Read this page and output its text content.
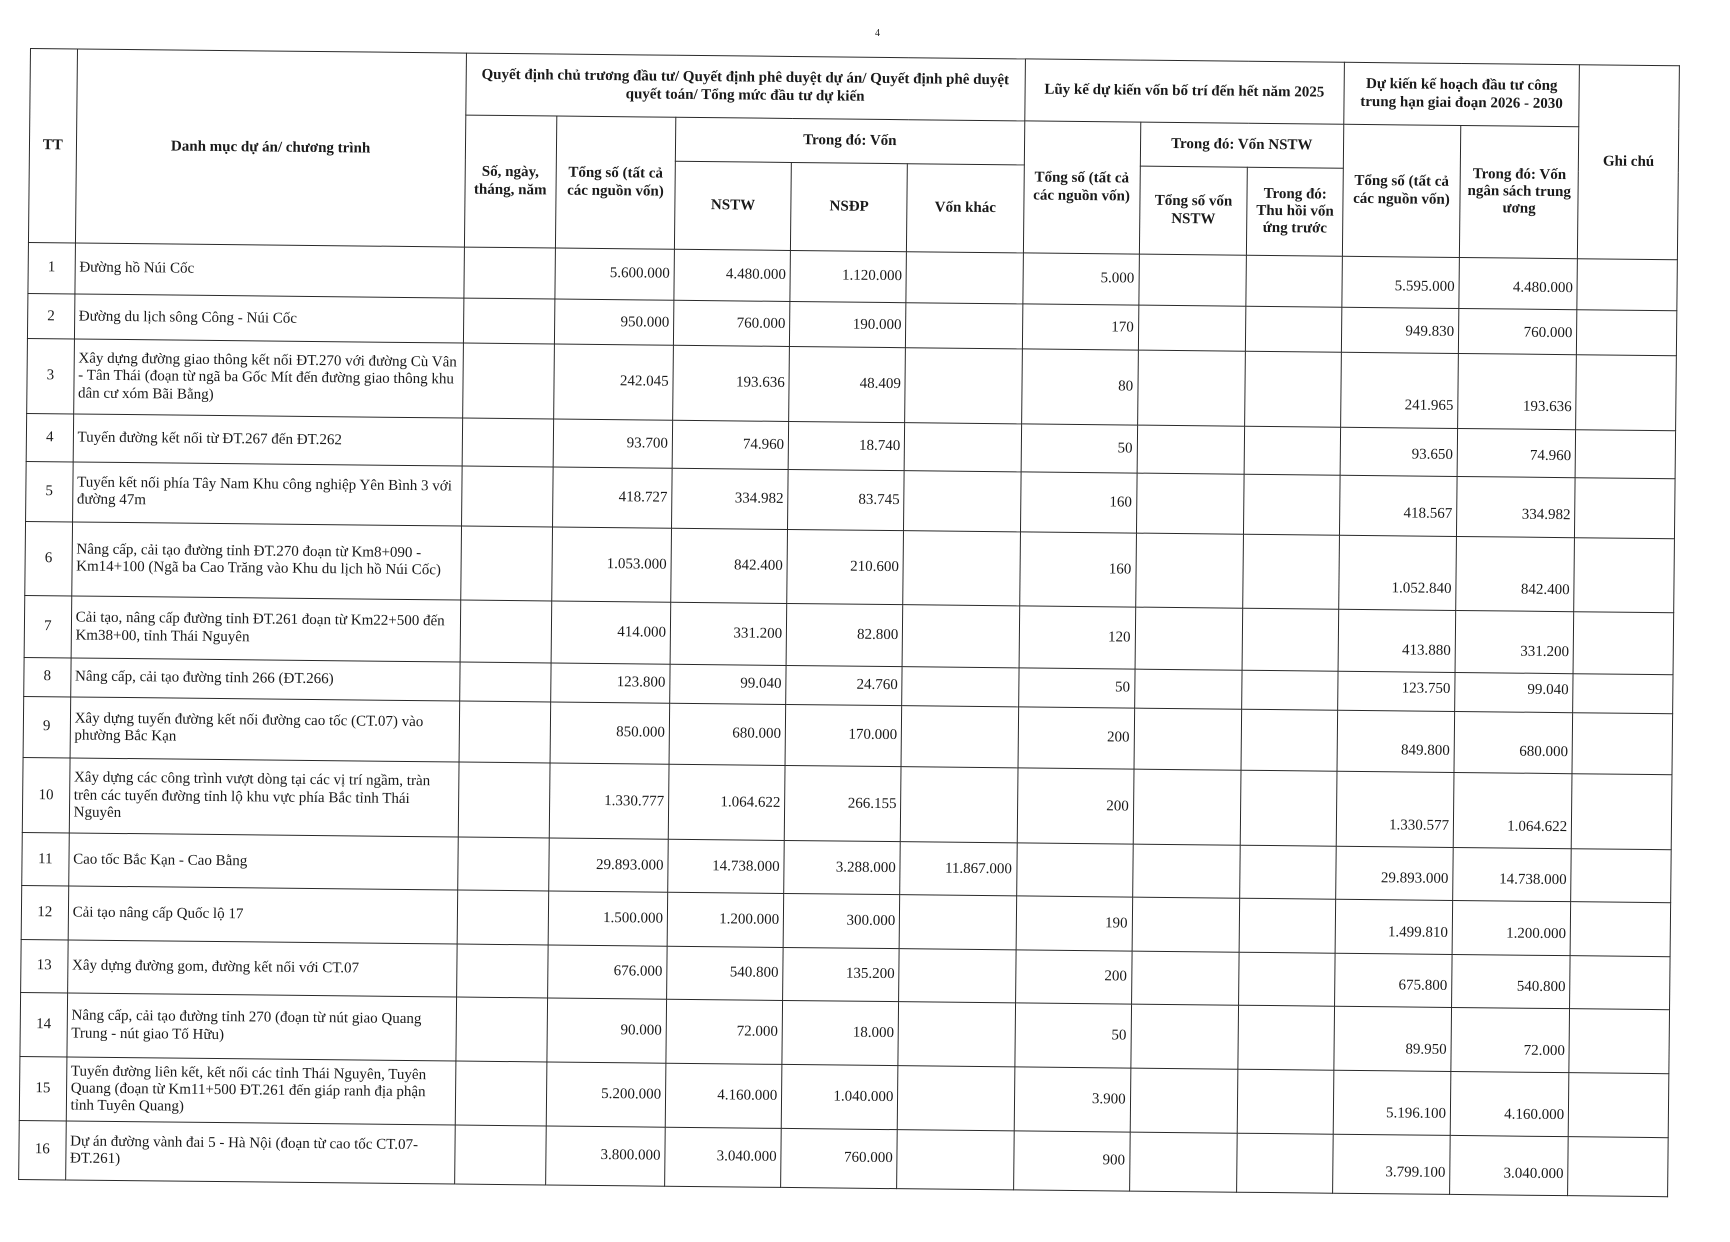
4
TT	Danh mục dự án/ chương trình	Quyết định chủ trương đầu tư/ Quyết định phê duyệt dự án/ Quyết định phê duyệt quyết toán/ Tổng mức đầu tư dự kiến					Lũy kế dự kiến vốn bố trí đến hết năm 2025			Dự kiến kế hoạch đầu tư công trung hạn giai đoạn 2026 - 2030		Ghi chú
		Số, ngày, tháng, năm	Tổng số (tất cả các nguồn vốn)	Trong đó: Vốn			Tổng số (tất cả các nguồn vốn)	Trong đó: Vốn NSTW		Tổng số (tất cả các nguồn vốn)	Trong đó: Vốn ngân sách trung ương	
				NSTW	NSĐP	Vốn khác		Tổng số vốn NSTW	Trong đó: Thu hồi vốn ứng trước			
1	Đường hồ Núi Cốc		5.600.000	4.480.000	1.120.000		5.000			5.595.000	4.480.000	
2	Đường du lịch sông Công - Núi Cốc		950.000	760.000	190.000		170			949.830	760.000	
3	Xây dựng đường giao thông kết nối ĐT.270 với đường Cù Vân - Tân Thái (đoạn từ ngã ba Gốc Mít đến đường giao thông khu dân cư xóm Bãi Bằng)		242.045	193.636	48.409		80			241.965	193.636	
4	Tuyến đường kết nối từ ĐT.267 đến ĐT.262		93.700	74.960	18.740		50			93.650	74.960	
5	Tuyến kết nối phía Tây Nam Khu công nghiệp Yên Bình 3 với đường 47m		418.727	334.982	83.745		160			418.567	334.982	
6	Nâng cấp, cải tạo đường tỉnh ĐT.270 đoạn từ Km8+090 - Km14+100 (Ngã ba Cao Trăng vào Khu du lịch hồ Núi Cốc)		1.053.000	842.400	210.600		160			1.052.840	842.400	
7	Cải tạo, nâng cấp đường tỉnh ĐT.261 đoạn từ Km22+500 đến Km38+00, tỉnh Thái Nguyên		414.000	331.200	82.800		120			413.880	331.200	
8	Nâng cấp, cải tạo đường tỉnh 266 (ĐT.266)		123.800	99.040	24.760		50			123.750	99.040	
9	Xây dựng tuyến đường kết nối đường cao tốc (CT.07) vào phường Bắc Kạn		850.000	680.000	170.000		200			849.800	680.000	
10	Xây dựng các công trình vượt dòng tại các vị trí ngầm, tràn trên các tuyến đường tỉnh lộ khu vực phía Bắc tỉnh Thái Nguyên		1.330.777	1.064.622	266.155		200			1.330.577	1.064.622	
11	Cao tốc Bắc Kạn - Cao Bằng		29.893.000	14.738.000	3.288.000	11.867.000				29.893.000	14.738.000	
12	Cải tạo nâng cấp Quốc lộ 17		1.500.000	1.200.000	300.000		190			1.499.810	1.200.000	
13	Xây dựng đường gom, đường kết nối với CT.07		676.000	540.800	135.200		200			675.800	540.800	
14	Nâng cấp, cải tạo đường tỉnh 270 (đoạn từ nút giao Quang Trung - nút giao Tố Hữu)		90.000	72.000	18.000		50			89.950	72.000	
15	Tuyến đường liên kết, kết nối các tỉnh Thái Nguyên, Tuyên Quang (đoạn từ Km11+500 ĐT.261 đến giáp ranh địa phận tỉnh Tuyên Quang)		5.200.000	4.160.000	1.040.000		3.900			5.196.100	4.160.000	
16	Dự án đường vành đai 5 - Hà Nội (đoạn từ cao tốc CT.07- ĐT.261)		3.800.000	3.040.000	760.000		900			3.799.100	3.040.000	
